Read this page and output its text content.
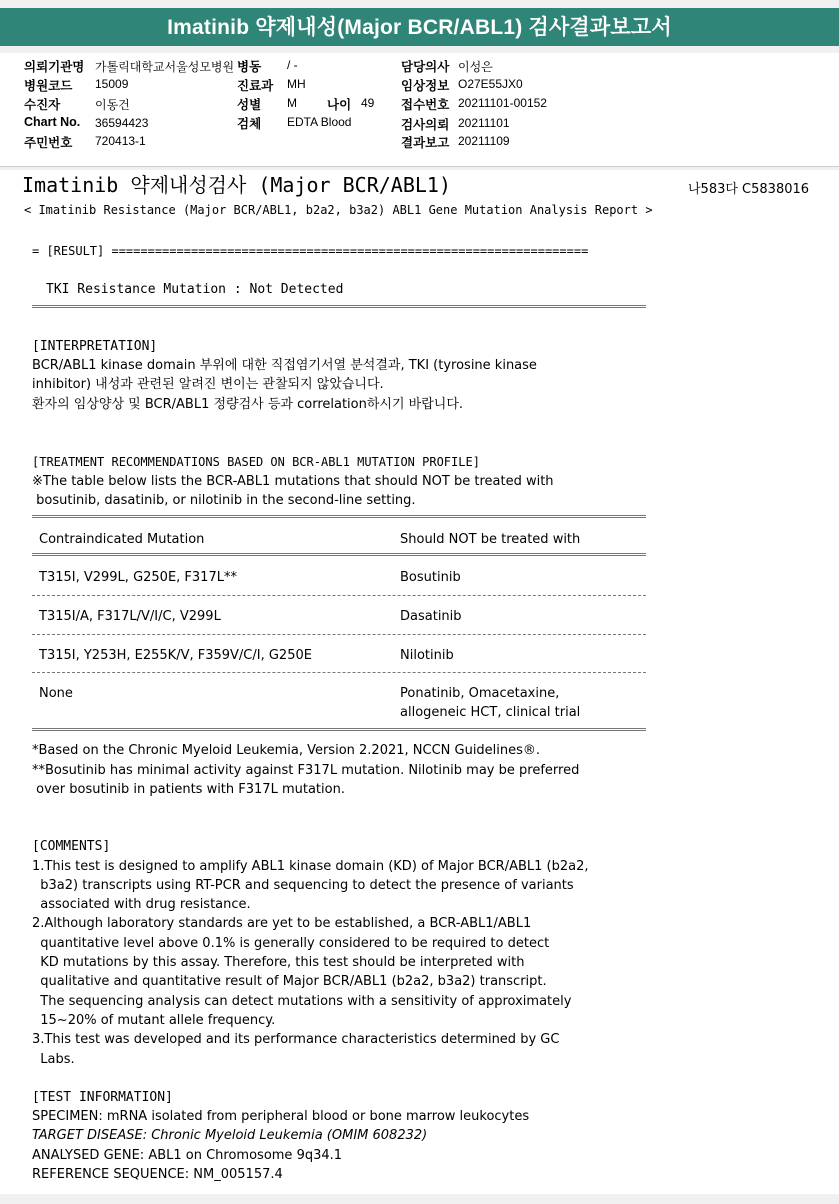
Imatinib 약제내성(Major BCR/ABL1) 검사결과보고서
의뢰기관명 가톨릭대학교서울성모병원 병동 / -	담당의사 이성은
병원코드 15009	진료과 MH	임상정보 O27E55JX0
수진자	이동건	성별 M 나이 49 접수번호 20211101-00152
Chart No. 36594423	검체 EDTA Blood	검사의뢰 20211101
주민번호 720413-1	결과보고 20211109
Imatinib 약제내성검사 (Major BCR/ABL1)	나583다 C5838016
< Imatinib Resistance (Major BCR/ABL1, b2a2, b3a2) ABL1 Gene Mutation Analysis Report >
= [RESULT] ==================================================================
TKI Resistance Mutation : Not Detected
[INTERPRETATION]
BCR/ABL1 kinase domain 부위에 대한 직접염기서열 분석결과, TKI (tyrosine kinase
inhibitor) 내성과 관련된 알려진 변이는 관찰되지 않았습니다.
환자의 임상양상 및 BCR/ABL1 정량검사 등과 correlation하시기 바랍니다.
[TREATMENT RECOMMENDATIONS BASED ON BCR-ABL1 MUTATION PROFILE]
※The table below lists the BCR-ABL1 mutations that should NOT be treated with
bosutinib, dasatinib, or nilotinib in the second-line setting.
Contraindicated Mutation	Should NOT be treated with
T315I, V299L, G250E, F317L**	Bosutinib
T315I/A, F317L/V/I/C, V299L	Dasatinib
T315I, Y253H, E255K/V, F359V/C/I, G250E	Nilotinib
None	Ponatinib, Omacetaxine,
allogeneic HCT, clinical trial
*Based on the Chronic Myeloid Leukemia, Version 2.2021, NCCN Guidelines®.
**Bosutinib has minimal activity against F317L mutation. Nilotinib may be preferred
over bosutinib in patients with F317L mutation.
[COMMENTS]
1.This test is designed to amplify ABL1 kinase domain (KD) of Major BCR/ABL1 (b2a2,
b3a2) transcripts using RT-PCR and sequencing to detect the presence of variants
associated with drug resistance.
2.Although laboratory standards are yet to be established, a BCR-ABL1/ABL1
quantitative level above 0.1% is generally considered to be required to detect
KD mutations by this assay. Therefore, this test should be interpreted with
qualitative and quantitative result of Major BCR/ABL1 (b2a2, b3a2) transcript.
The sequencing analysis can detect mutations with a sensitivity of approximately
15~20% of mutant allele frequency.
3.This test was developed and its performance characteristics determined by GC
Labs.
[TEST INFORMATION]
SPECIMEN: mRNA isolated from peripheral blood or bone marrow leukocytes
TARGET DISEASE: Chronic Myeloid Leukemia (OMIM 608232)
ANALYSED GENE: ABL1 on Chromosome 9q34.1
REFERENCE SEQUENCE: NM_005157.4
